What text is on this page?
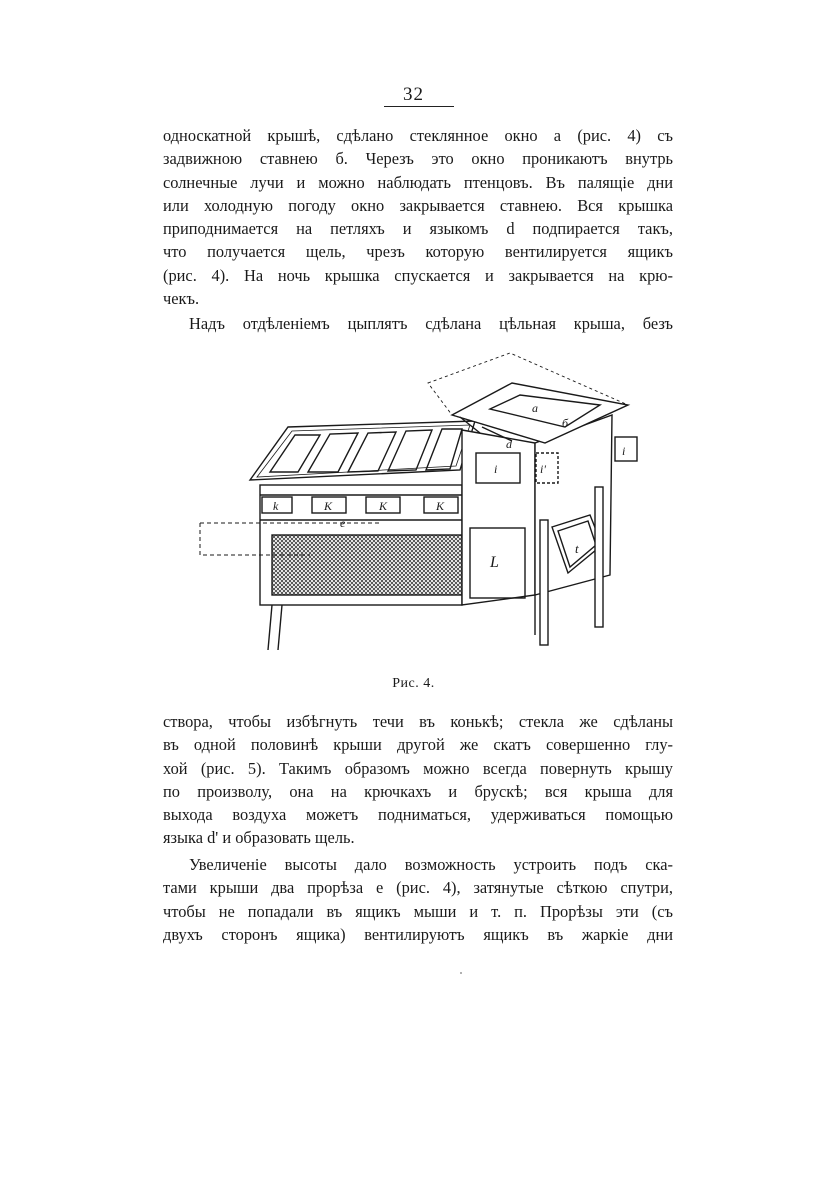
32

односкатной крышѣ, сдѣлано стеклянное окно а (рис. 4) съ
задвижною ставнею б. Черезъ это окно проникаютъ внутрь
солнечные лучи и можно наблюдать птенцовъ. Въ палящіе дни
или холодную погоду окно закрывается ставнею. Вся крышка
приподнимается на петляхъ и языкомъ d подпирается такъ,
что получается щель, чрезъ которую вентилируется ящикъ
(рис. 4). На ночь крышка спускается и закрывается на крю-
чекъ.

Надъ отдѣленіемъ цыплятъ сдѣлана цѣльная крыша, безъ

а
б
d
i	i'
i
k	K	K	K
e
L
t
Рис. 4.

створа, чтобы избѣгнуть течи въ конькѣ; стекла же сдѣланы
въ одной половинѣ крыши другой же скатъ совершенно глу-
хой (рис. 5). Такимъ образомъ можно всегда повернуть крышу
по произволу, она на крючкахъ и брускѣ; вся крыша для
выхода воздуха можетъ подниматься, удерживаться помощью
языка d' и образовать щель.

Увеличеніе высоты дало возможность устроить подъ ска-
тами крыши два прорѣза е (рис. 4), затянутые сѣткою спутри,
чтобы не попадали въ ящикъ мыши и т. п. Прорѣзы эти (съ
двухъ сторонъ ящика) вентилируютъ ящикъ въ жаркіе дни
